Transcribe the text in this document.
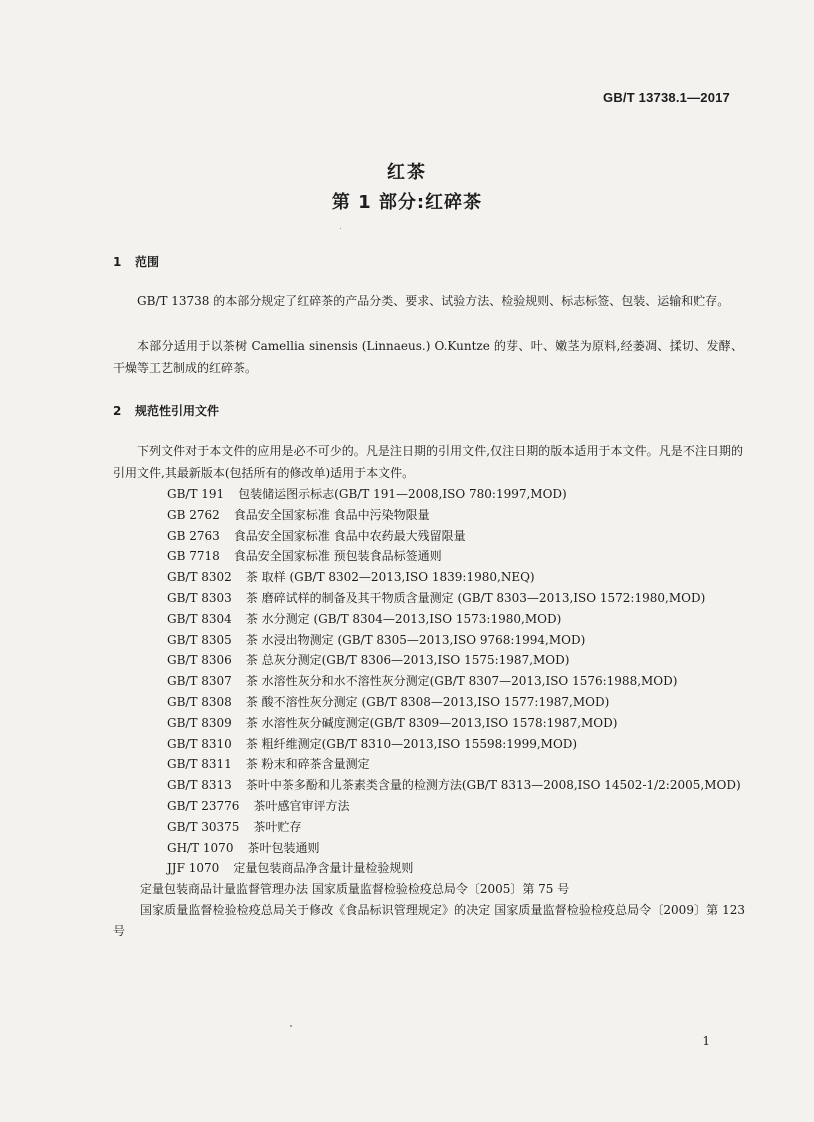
GB/T 13738.1—2017
红茶
第 1 部分:红碎茶
1 范围
GB/T 13738 的本部分规定了红碎茶的产品分类、要求、试验方法、检验规则、标志标签、包装、运输和贮存。
本部分适用于以茶树 Camellia sinensis (Linnaeus.) O.Kuntze 的芽、叶、嫩茎为原料,经萎凋、揉切、发酵、干燥等工艺制成的红碎茶。
2 规范性引用文件
下列文件对于本文件的应用是必不可少的。凡是注日期的引用文件,仅注日期的版本适用于本文件。凡是不注日期的引用文件,其最新版本(包括所有的修改单)适用于本文件。
GB/T 191 包装储运图示标志(GB/T 191—2008,ISO 780:1997,MOD)
GB 2762 食品安全国家标准 食品中污染物限量
GB 2763 食品安全国家标准 食品中农药最大残留限量
GB 7718 食品安全国家标准 预包装食品标签通则
GB/T 8302 茶 取样 (GB/T 8302—2013,ISO 1839:1980,NEQ)
GB/T 8303 茶 磨碎试样的制备及其干物质含量测定 (GB/T 8303—2013,ISO 1572:1980,MOD)
GB/T 8304 茶 水分测定 (GB/T 8304—2013,ISO 1573:1980,MOD)
GB/T 8305 茶 水浸出物测定 (GB/T 8305—2013,ISO 9768:1994,MOD)
GB/T 8306 茶 总灰分测定(GB/T 8306—2013,ISO 1575:1987,MOD)
GB/T 8307 茶 水溶性灰分和水不溶性灰分测定(GB/T 8307—2013,ISO 1576:1988,MOD)
GB/T 8308 茶 酸不溶性灰分测定 (GB/T 8308—2013,ISO 1577:1987,MOD)
GB/T 8309 茶 水溶性灰分碱度测定(GB/T 8309—2013,ISO 1578:1987,MOD)
GB/T 8310 茶 粗纤维测定(GB/T 8310—2013,ISO 15598:1999,MOD)
GB/T 8311 茶 粉末和碎茶含量测定
GB/T 8313 茶叶中茶多酚和儿茶素类含量的检测方法(GB/T 8313—2008,ISO 14502-1/2:2005,MOD)
GB/T 23776 茶叶感官审评方法
GB/T 30375 茶叶贮存
GH/T 1070 茶叶包装通则
JJF 1070 定量包装商品净含量计量检验规则
定量包装商品计量监督管理办法 国家质量监督检验检疫总局令〔2005〕第 75 号
国家质量监督检验检疫总局关于修改《食品标识管理规定》的决定 国家质量监督检验检疫总局令〔2009〕第 123 号
1
